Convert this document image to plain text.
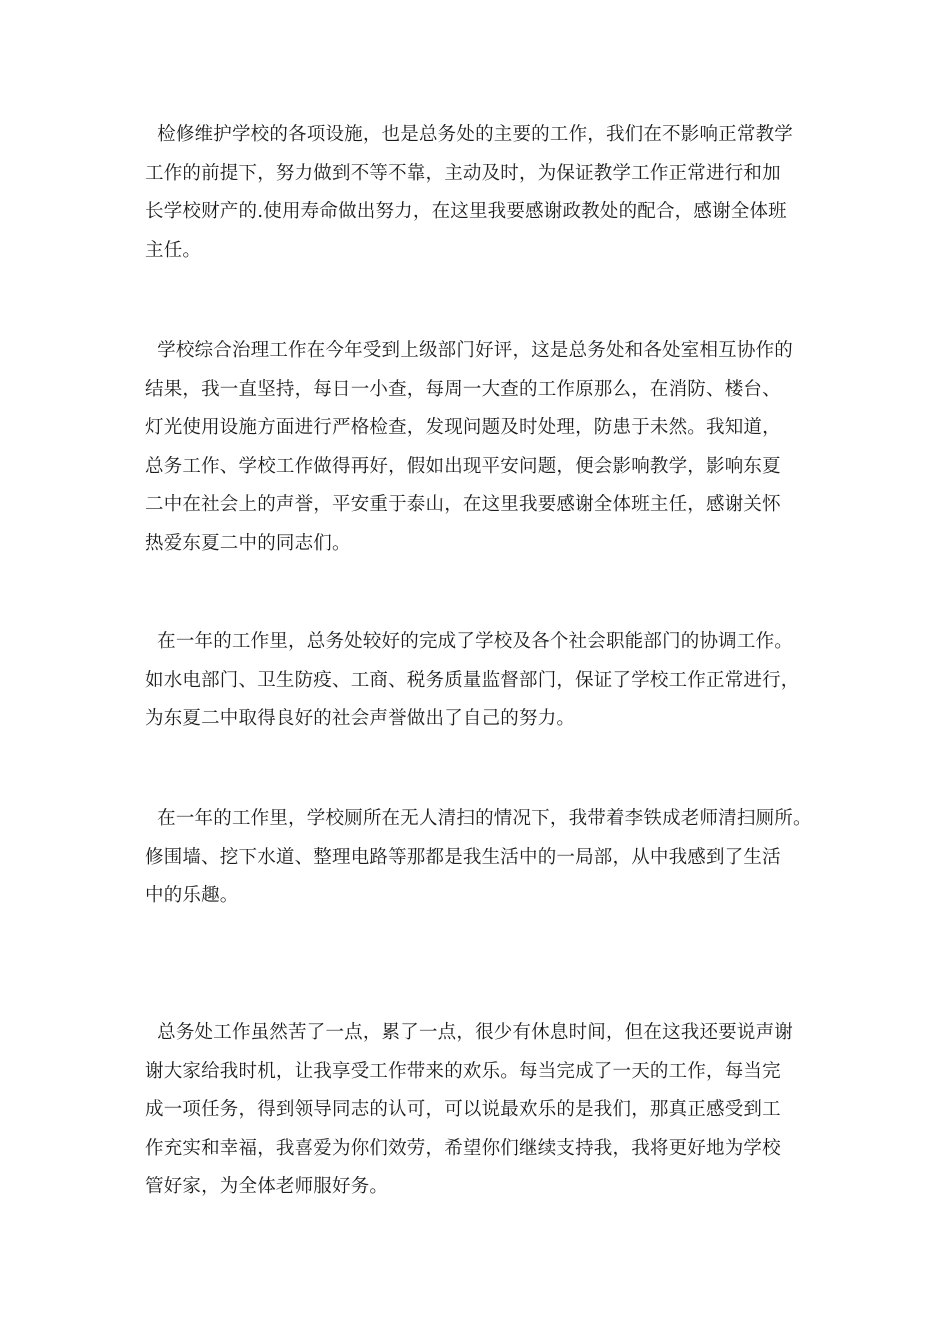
检修维护学校的各项设施，也是总务处的主要的工作，我们在不影响正常教学
工作的前提下，努力做到不等不靠，主动及时，为保证教学工作正常进行和加
长学校财产的.使用寿命做出努力，在这里我要感谢政教处的配合，感谢全体班
主任。
学校综合治理工作在今年受到上级部门好评，这是总务处和各处室相互协作的
结果，我一直坚持，每日一小查，每周一大查的工作原那么，在消防、楼台、
灯光使用设施方面进行严格检查，发现问题及时处理，防患于未然。我知道，
总务工作、学校工作做得再好，假如出现平安问题，便会影响教学，影响东夏
二中在社会上的声誉，平安重于泰山，在这里我要感谢全体班主任，感谢关怀
热爱东夏二中的同志们。
在一年的工作里，总务处较好的完成了学校及各个社会职能部门的协调工作。
如水电部门、卫生防疫、工商、税务质量监督部门，保证了学校工作正常进行，
为东夏二中取得良好的社会声誉做出了自己的努力。
在一年的工作里，学校厕所在无人清扫的情况下，我带着李铁成老师清扫厕所。
修围墙、挖下水道、整理电路等那都是我生活中的一局部，从中我感到了生活
中的乐趣。
总务处工作虽然苦了一点，累了一点，很少有休息时间，但在这我还要说声谢
谢大家给我时机，让我享受工作带来的欢乐。每当完成了一天的工作，每当完
成一项任务，得到领导同志的认可，可以说最欢乐的是我们，那真正感受到工
作充实和幸福，我喜爱为你们效劳，希望你们继续支持我，我将更好地为学校
管好家，为全体老师服好务。
